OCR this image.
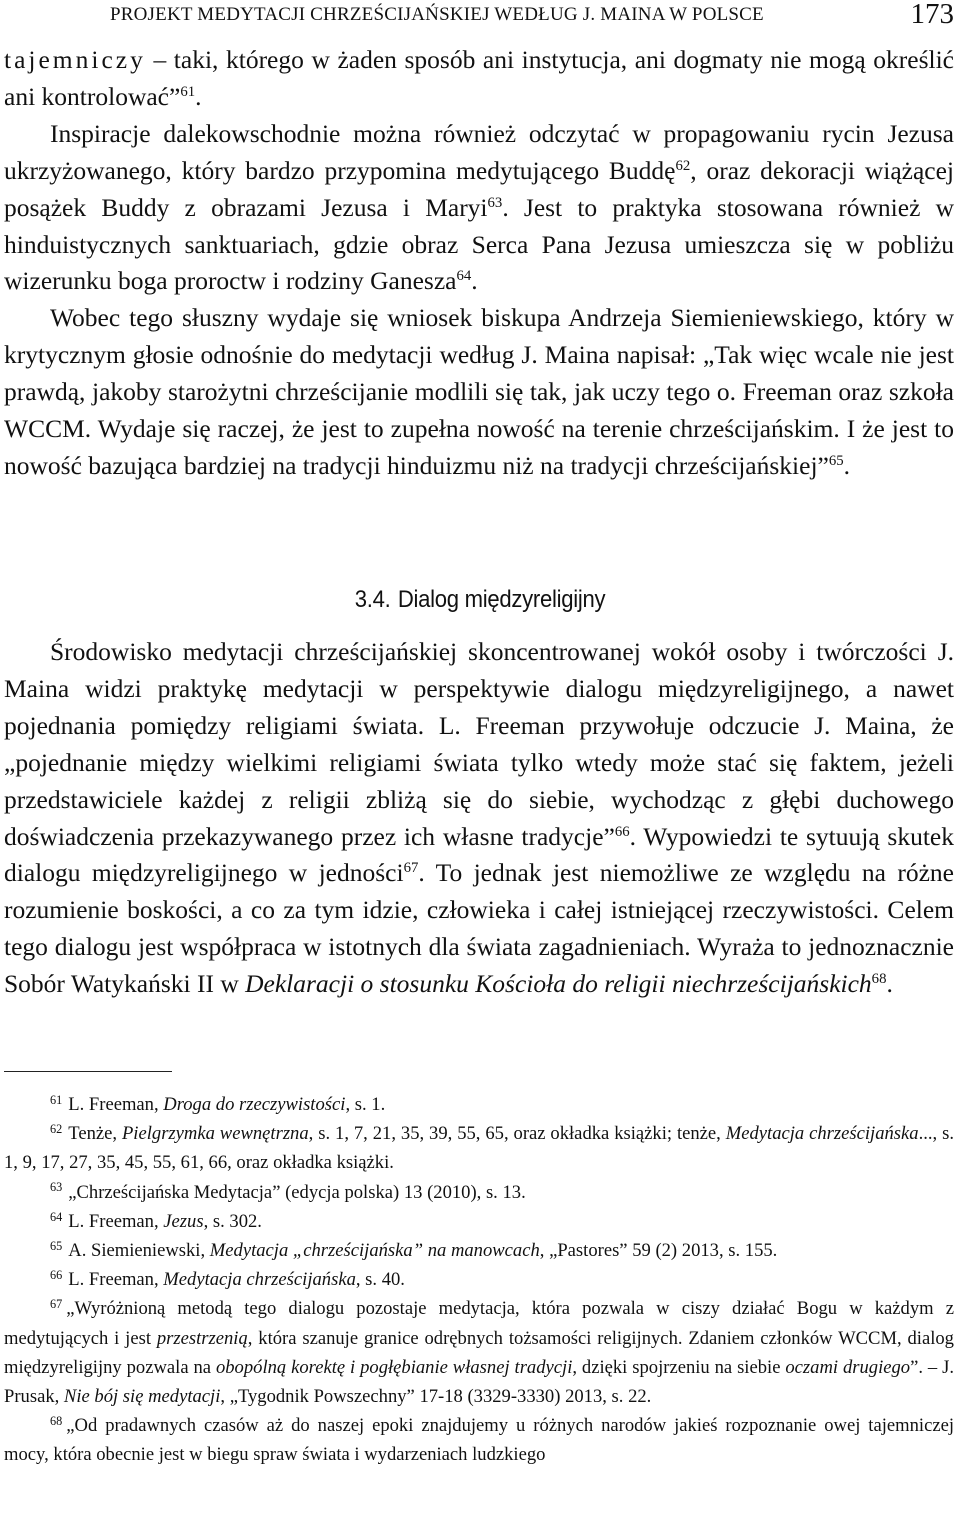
PROJEKT MEDYTACJI CHRZEŚCIJAŃSKIEJ WEDŁUG J. MAINA W POLSCE	173

tajemniczy – taki, którego w żaden sposób ani instytucja, ani dogmaty nie mogą określić ani kontrolować”$^{61}$.

Inspiracje dalekowschodnie można również odczytać w propagowaniu rycin Jezusa ukrzyżowanego, który bardzo przypomina medytującego Buddę$^{62}$, oraz dekoracji wiążącej posążek Buddy z obrazami Jezusa i Maryi$^{63}$. Jest to praktyka stosowana również w hinduistycznych sanktuariach, gdzie obraz Serca Pana Jezusa umieszcza się w pobliżu wizerunku boga proroctw i rodziny Ganesza$^{64}$.

Wobec tego słuszny wydaje się wniosek biskupa Andrzeja Siemieniewskiego, który w krytycznym głosie odnośnie do medytacji według J. Maina napisał: „Tak więc wcale nie jest prawdą, jakoby starożytni chrześcijanie modlili się tak, jak uczy tego o. Freeman oraz szkoła WCCM. Wydaje się raczej, że jest to zupełna nowość na terenie chrześcijańskim. I że jest to nowość bazująca bardziej na tradycji hinduizmu niż na tradycji chrześcijańskiej”$^{65}$.

3.4. Dialog międzyreligijny

Środowisko medytacji chrześcijańskiej skoncentrowanej wokół osoby i twórczości J. Maina widzi praktykę medytacji w perspektywie dialogu międzyreligijnego, a nawet pojednania pomiędzy religiami świata. L. Freeman przywołuje odczucie J. Maina, że „pojednanie między wielkimi religiami świata tylko wtedy może stać się faktem, jeżeli przedstawiciele każdej z religii zbliżą się do siebie, wychodząc z głębi duchowego doświadczenia przekazywanego przez ich własne tradycje”$^{66}$. Wypowiedzi te sytuują skutek dialogu międzyreligijnego w jedności$^{67}$. To jednak jest niemożliwe ze względu na różne rozumienie boskości, a co za tym idzie, człowieka i całej istniejącej rzeczywistości. Celem tego dialogu jest współpraca w istotnych dla świata zagadnieniach. Wyraża to jednoznacznie Sobór Watykański II w Deklaracji o stosunku Kościoła do religii niechrześcijańskich$^{68}$.

$^{61}$ L. Freeman, Droga do rzeczywistości, s. 1.

$^{62}$ Tenże, Pielgrzymka wewnętrzna, s. 1, 7, 21, 35, 39, 55, 65, oraz okładka książki; tenże, Medytacja chrześcijańska..., s. 1, 9, 17, 27, 35, 45, 55, 61, 66, oraz okładka książki.

$^{63}$ „Chrześcijańska Medytacja” (edycja polska) 13 (2010), s. 13.

$^{64}$ L. Freeman, Jezus, s. 302.

$^{65}$ A. Siemieniewski, Medytacja „chrześcijańska” na manowcach, „Pastores” 59 (2) 2013, s. 155.

$^{66}$ L. Freeman, Medytacja chrześcijańska, s. 40.

$^{67}$ „Wyróżnioną metodą tego dialogu pozostaje medytacja, która pozwala w ciszy działać Bogu w każdym z medytujących i jest przestrzenią, która szanuje granice odrębnych tożsamości religijnych. Zdaniem członków WCCM, dialog międzyreligijny pozwala na obopólną korektę i pogłębianie własnej tradycji, dzięki spojrzeniu na siebie oczami drugiego”. – J. Prusak, Nie bój się medytacji, „Tygodnik Powszechny” 17-18 (3329-3330) 2013, s. 22.

$^{68}$ „Od pradawnych czasów aż do naszej epoki znajdujemy u różnych narodów jakieś rozpoznanie owej tajemniczej mocy, która obecnie jest w biegu spraw świata i wydarzeniach ludzkiego
